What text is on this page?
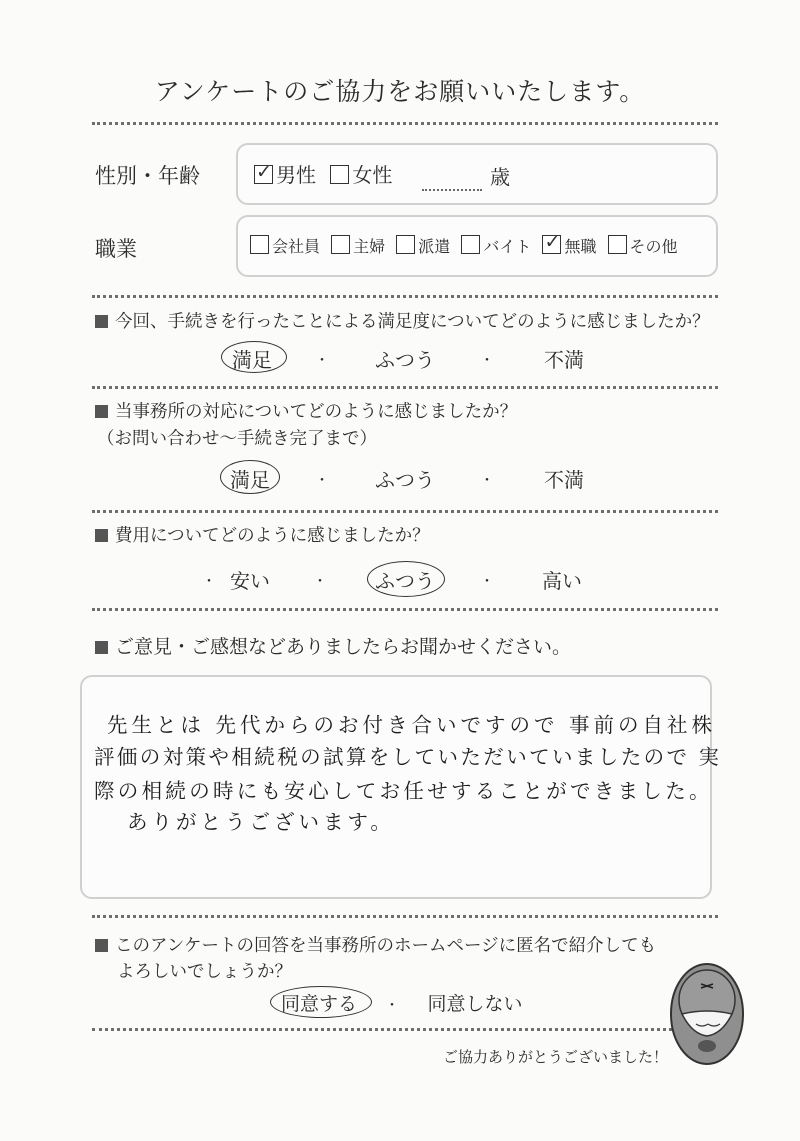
アンケートのご協力をお願いいたします。
性別・年齢 ✓	男性 女性	歳
職業	会社員 主婦 派遣 バイト ✓ 無職 その他
今回、手続きを行ったことによる満足度についてどのように感じましたか？
満足	・ ふつう	・	不満
当事務所の対応についてどのように感じましたか？
（お問い合わせ～手続き完了まで）
満足	・ ふつう	・	不満
費用についてどのように感じましたか？
・ 安い	・ ふつう	・ 高い
ご意見・ご感想などありましたらお聞かせください。
先生とは 先代からのお付き合いですので 事前の自社株
評価の対策や相続税の試算をしていただいていましたので 実
際の相続の時にも安心してお任せすることができました。
ありがとうございます。
このアンケートの回答を当事務所のホームページに匿名で紹介しても
よろしいでしょうか？
同意する ・ 同意しない
ご協力ありがとうございました！
